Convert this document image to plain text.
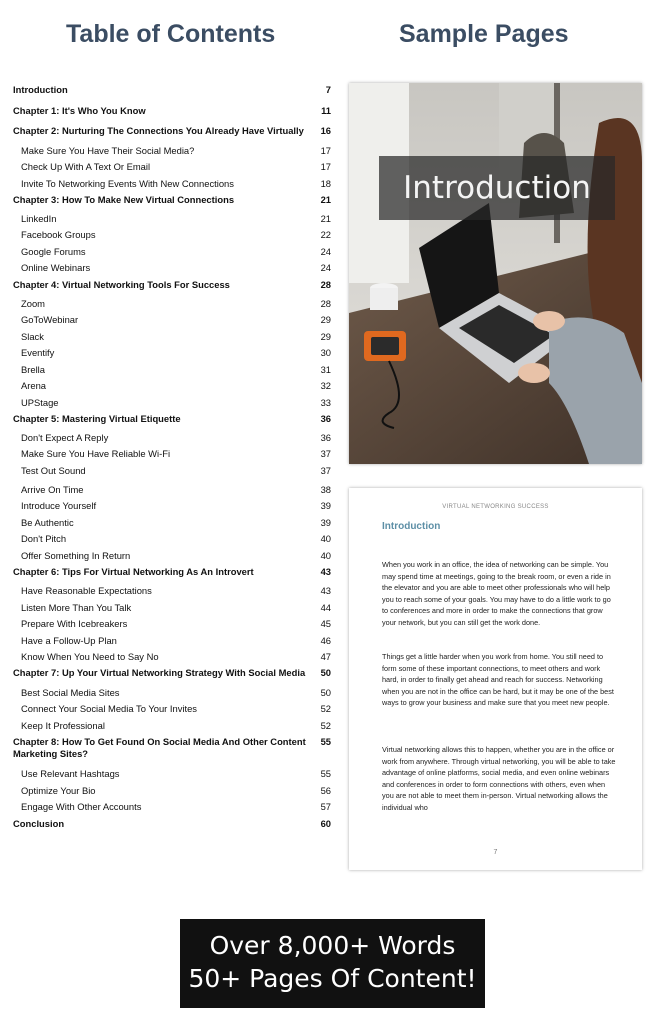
Table of Contents	Sample Pages
Introduction	7
Chapter 1: It's Who You Know	11
Chapter 2: Nurturing The Connections You Already Have Virtually	16
Make Sure You Have Their Social Media?	17
Check Up With A Text Or Email	17
Invite To Networking Events With New Connections	18
Chapter 3: How To Make New Virtual Connections	21
LinkedIn	21
Facebook Groups	22
Google Forums	24
Online Webinars	24
Chapter 4: Virtual Networking Tools For Success	28
Zoom	28
GoToWebinar	29
Slack	29
Eventify	30
Brella	31
Arena	32
UPStage	33
Chapter 5: Mastering Virtual Etiquette	36
Don't Expect A Reply	36
Make Sure You Have Reliable Wi-Fi	37
Test Out Sound	37
Arrive On Time	38
Introduce Yourself	39
Be Authentic	39
Don't Pitch	40
Offer Something In Return	40
Chapter 6: Tips For Virtual Networking As An Introvert	43
Have Reasonable Expectations	43
Listen More Than You Talk	44
Prepare With Icebreakers	45
Have a Follow-Up Plan	46
Know When You Need to Say No	47
Chapter 7: Up Your Virtual Networking Strategy With Social Media	50
Best Social Media Sites	50
Connect Your Social Media To Your Invites	52
Keep It Professional	52
Chapter 8: How To Get Found On Social Media And Other Content Marketing Sites?
55
Use Relevant Hashtags	55
Optimize Your Bio	56
Engage With Other Accounts	57
Conclusion	60
Introduction
VIRTUAL NETWORKING SUCCESS
Introduction
When you work in an office, the idea of networking can be simple. You may spend time at meetings, going to the break room, or even a ride in the elevator and you are able to meet other professionals who will help you to reach some of your goals. You may have to do a little work to go to conferences and more in order to make the connections that grow your network, but you can still get the work done.
Things get a little harder when you work from home. You still need to form some of these important connections, to meet others and work hard, in order to finally get ahead and reach for success. Networking when you are not in the office can be hard, but it may be one of the best ways to grow your business and make sure that you meet new people.
Virtual networking allows this to happen, whether you are in the office or work from anywhere. Through virtual networking, you will be able to take advantage of online platforms, social media, and even online webinars and conferences in order to form connections with others, even when you are not able to meet them in-person. Virtual networking allows the individual who
7
Over 8,000+ Words
50+ Pages Of Content!
